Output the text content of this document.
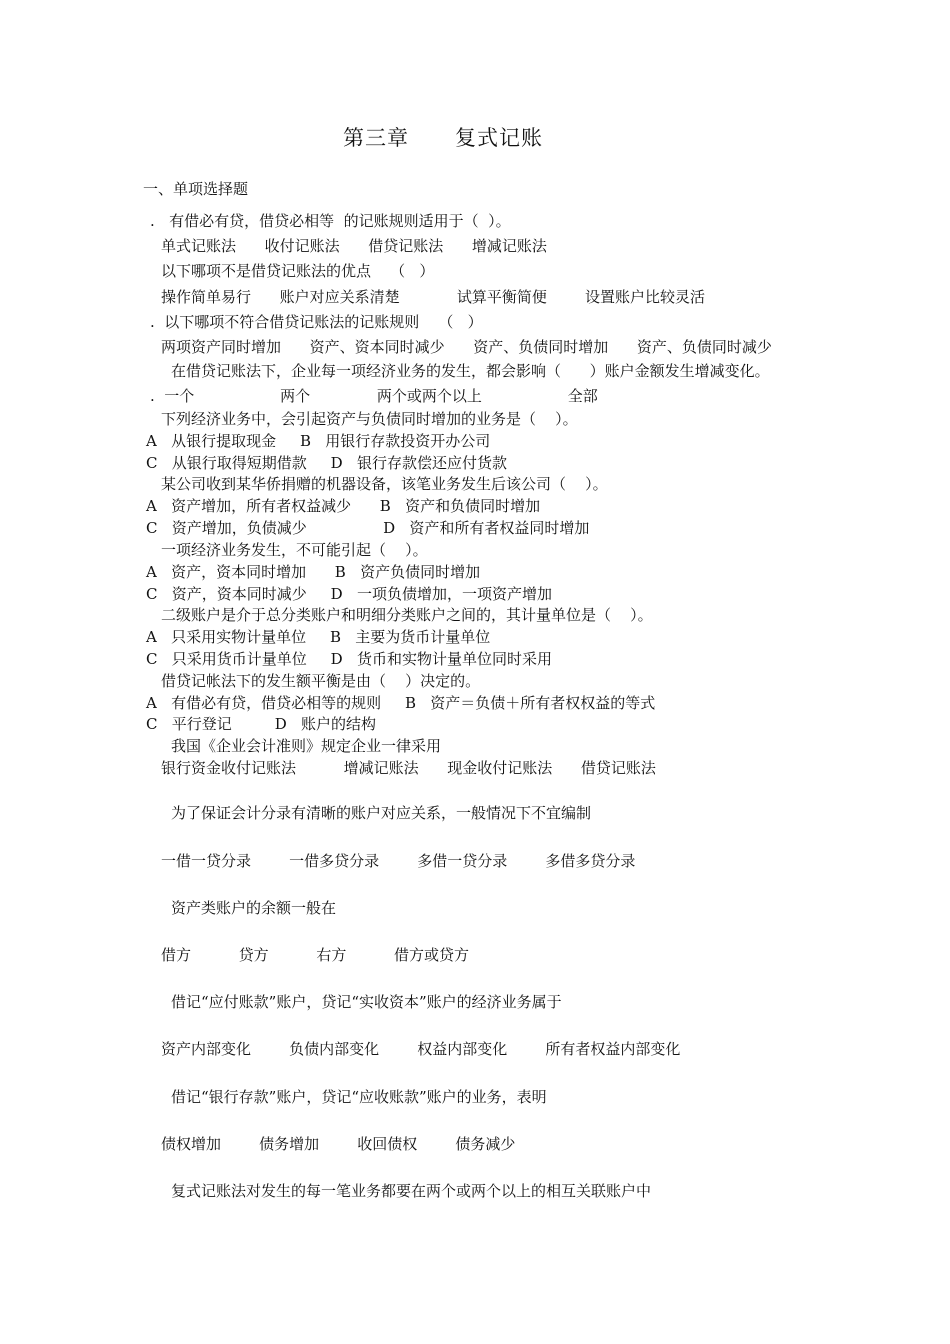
第三章      复式记账
一、单项选择题
.   有借必有贷，借贷必相等  的记账规则适用于（  ）。
单式记账法      收付记账法      借贷记账法      增减记账法
以下哪项不是借贷记账法的优点    （   ）
操作简单易行      账户对应关系清楚            试算平衡简便        设置账户比较灵活
.  以下哪项不符合借贷记账法的记账规则    （   ）
两项资产同时增加      资产、资本同时减少      资产、负债同时增加      资产、负债同时减少
在借贷记账法下，企业每一项经济业务的发生，都会影响（      ）账户金额发生增减变化。
.  一个                  两个              两个或两个以上                  全部
下列经济业务中，会引起资产与负债同时增加的业务是（    ）。
A   从银行提取现金     B   用银行存款投资开办公司
C   从银行取得短期借款     D   银行存款偿还应付货款
某公司收到某华侨捐赠的机器设备，该笔业务发生后该公司（    ）。
A   资产增加，所有者权益减少      B   资产和负债同时增加
C   资产增加，负债减少                D   资产和所有者权益同时增加
一项经济业务发生，不可能引起（    ）。
A   资产，资本同时增加      B   资产负债同时增加
C   资产，资本同时减少     D   一项负债增加，一项资产增加
二级账户是介于总分类账户和明细分类账户之间的，其计量单位是（    ）。
A   只采用实物计量单位     B   主要为货币计量单位
C   只采用货币计量单位     D   货币和实物计量单位同时采用
借贷记帐法下的发生额平衡是由（    ）决定的。
A   有借必有贷，借贷必相等的规则     B   资产＝负债＋所有者权权益的等式
C   平行登记         D   账户的结构
我国《企业会计准则》规定企业一律采用
银行资金收付记账法          增减记账法      现金收付记账法      借贷记账法
为了保证会计分录有清晰的账户对应关系，一般情况下不宜编制
一借一贷分录        一借多贷分录        多借一贷分录        多借多贷分录
资产类账户的余额一般在
借方          贷方          右方          借方或贷方
借记“应付账款”账户，贷记“实收资本”账户的经济业务属于
资产内部变化        负债内部变化        权益内部变化        所有者权益内部变化
借记“银行存款”账户，贷记“应收账款”账户的业务，表明
债权增加        债务增加        收回债权        债务减少
复式记账法对发生的每一笔业务都要在两个或两个以上的相互关联账户中
